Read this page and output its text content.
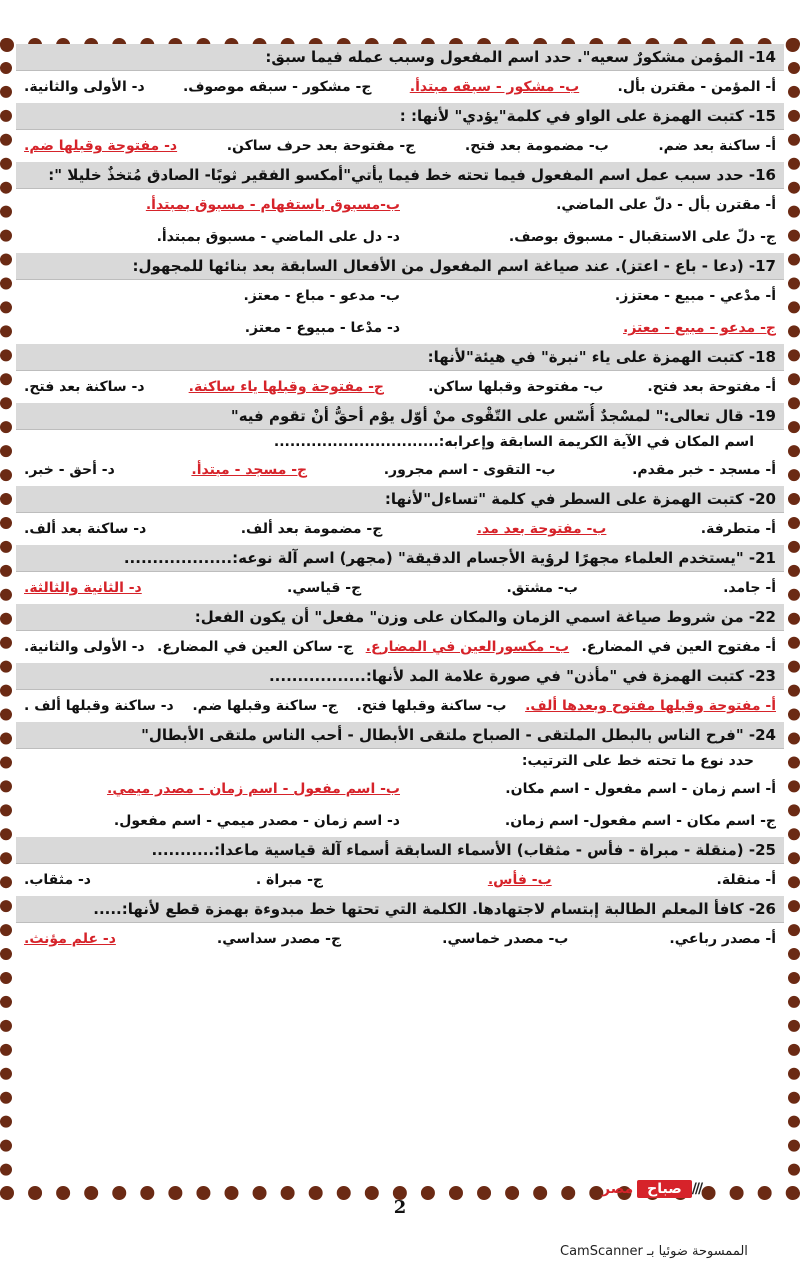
14- المؤمن مشكورٌ سعيه". حدد اسم المفعول وسبب عمله فيما سبق:
أ- المؤمن - مقترن بأل.
ب- مشكور - سبقه مبتدأ.
ج- مشكور - سبقه موصوف.
د- الأولى والثانية.
15- كتبت الهمزة على الواو في كلمة"يؤدي" لأنها: :
أ- ساكنة بعد ضم.
ب- مضمومة بعد فتح.
ج- مفتوحة بعد حرف ساكن.
د- مفتوحة وقبلها ضم.
16- حدد سبب عمل اسم المفعول فيما تحته خط فيما يأتي"أمكسو الفقير ثوبًا- الصادق مُتخذٌ خليلا ":
أ- مقترن بأل - دلّ على الماضي.
ب-مسبوق باستفهام - مسبوق بمبتدأ.
ج- دلّ على الاستقبال - مسبوق بوصف.
د- دل على الماضي - مسبوق بمبتدأ.
17- (دعا - باع - اعتز). عند صياغة اسم المفعول من الأفعال السابقة بعد بنائها للمجهول:
أ- مدْعي - مبيع - معتزز.
ب- مدعو - مباع - معتز.
ج- مدعو - مبيع - معتز.
د- مدْعا - مبيوع - معتز.
18- كتبت الهمزة على ياء "نبرة" في هيئة"لأنها:
أ- مفتوحة بعد فتح.
ب- مفتوحة وقبلها ساكن.
ج- مفتوحة وقبلها ياء ساكنة.
د- ساكنة بعد فتح.
19- قال تعالى:" لمسْجدٌ أُسّس على التّقْوى منْ أوّل يوْم أحقُّ أنْ تقوم فيه"
اسم المكان في الآية الكريمة السابقة وإعرابه:...............................
أ- مسجد - خبر مقدم.
ب- التقوى - اسم مجرور.
ج- مسجد - مبتدأ.
د- أحق - خبر.
20- كتبت الهمزة على السطر في كلمة "تساءل"لأنها:
أ- متطرفة.
ب- مفتوحة بعد مد.
ج- مضمومة بعد ألف.
د- ساكنة بعد ألف.
21- "يستخدم العلماء مجهرًا لرؤية الأجسام الدقيقة" (مجهر) اسم آلة نوعه:...................
أ- جامد.
ب- مشتق.
ج- قياسي.
د- الثانية والثالثة.
22- من شروط صياغة اسمي الزمان والمكان على وزن" مفعل" أن يكون الفعل:
أ- مفتوح العين في المضارع.
ب- مكسورالعين في المضارع.
ج- ساكن العين في المضارع.
د- الأولى والثانية.
23- كتبت الهمزة في "مأذن" في صورة علامة المد لأنها:.................
أ- مفتوحة وقبلها مفتوح وبعدها ألف.
ب- ساكنة وقبلها فتح.
ج- ساكنة وقبلها ضم.
د- ساكنة وقبلها ألف .
24- "فرح الناس بالبطل الملتقى - الصباح ملتقى الأبطال - أحب الناس ملتقى الأبطال"
حدد نوع ما تحته خط على الترتيب:
أ- اسم زمان - اسم مفعول - اسم مكان.
ب- اسم مفعول - اسم زمان - مصدر ميمي.
ج- اسم مكان - اسم مفعول- اسم زمان.
د- اسم زمان - مصدر ميمي - اسم مفعول.
25- (منقلة - مبراة - فأس - مثقاب) الأسماء السابقة أسماء آلة قياسية ماعدا:...........
أ- منقلة.
ب- فأس.
ج- مبراة .
د- مثقاب.
26- كافأ المعلم الطالبة إبتسام لاجتهادها. الكلمة التي تحتها خط مبدوءة بهمزة قطع لأنها:.....
أ- مصدر رباعي.
ب- مصدر خماسي.
ج- مصدر سداسي.
د- علم مؤنث.
///
صباح
مصر
2
الممسوحة ضوئيا بـ CamScanner
